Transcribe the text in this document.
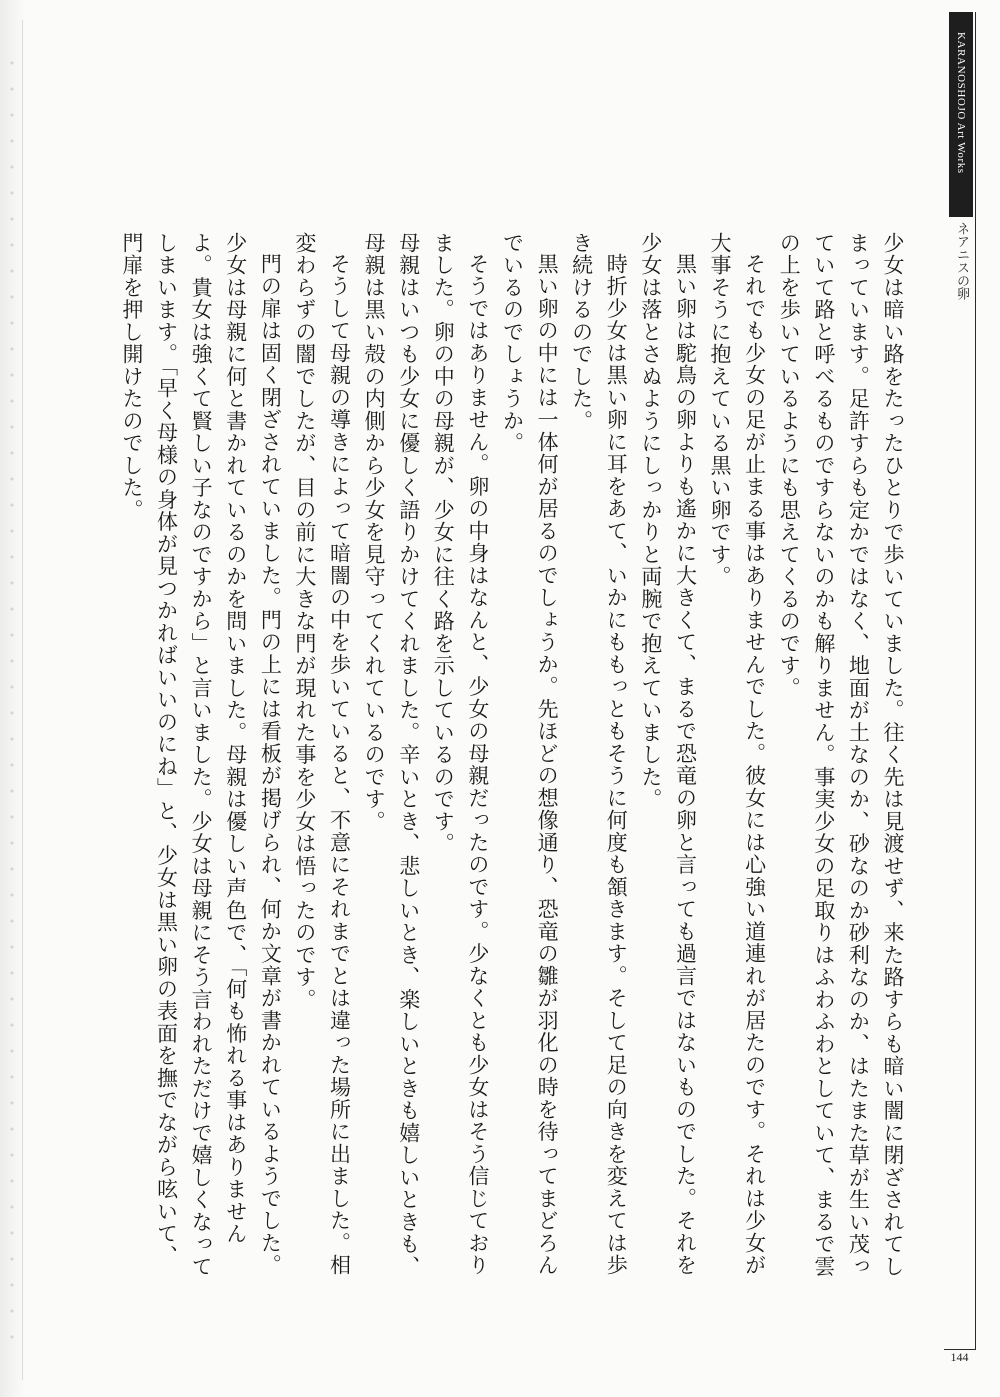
KARANOSHOJO Art Works
ネアニスの卵

少女は暗い路をたったひとりで歩いていました。往く先は見渡せず、来た路すらも暗い闇に閉ざされてしまっています。足許すらも定かではなく、地面が土なのか、砂なのか砂利なのか、はたまた草が生い茂っていて路と呼べるものですらないのかも解りません。事実少女の足取りはふわふわとしていて、まるで雲の上を歩いているようにも思えてくるのです。

それでも少女の足が止まる事はありませんでした。彼女には心強い道連れが居たのです。それは少女が大事そうに抱えている黒い卵です。

黒い卵は駝鳥の卵よりも遙かに大きくて、まるで恐竜の卵と言っても過言ではないものでした。それを少女は落とさぬようにしっかりと両腕で抱えていました。

時折少女は黒い卵に耳をあて、いかにももっともそうに何度も頷きます。そして足の向きを変えては歩き続けるのでした。

黒い卵の中には一体何が居るのでしょうか。先ほどの想像通り、恐竜の雛が羽化の時を待ってまどろんでいるのでしょうか。

そうではありません。卵の中身はなんと、少女の母親だったのです。少なくとも少女はそう信じておりました。卵の中の母親が、少女に往く路を示しているのです。

母親はいつも少女に優しく語りかけてくれました。辛いとき、悲しいとき、楽しいときも嬉しいときも、母親は黒い殻の内側から少女を見守ってくれているのです。

そうして母親の導きによって暗闇の中を歩いていると、不意にそれまでとは違った場所に出ました。相変わらずの闇でしたが、目の前に大きな門が現れた事を少女は悟ったのです。

門の扉は固く閉ざされていました。門の上には看板が掲げられ、何か文章が書かれているようでした。少女は母親に何と書かれているのかを問いました。母親は優しい声色で、「何も怖れる事はありませんよ。貴女は強くて賢しい子なのですから」と言いました。少女は母親にそう言われただけで嬉しくなってしまいます。「早く母様の身体が見つかればいいのにね」と、少女は黒い卵の表面を撫でながら呟いて、門扉を押し開けたのでした。

144
